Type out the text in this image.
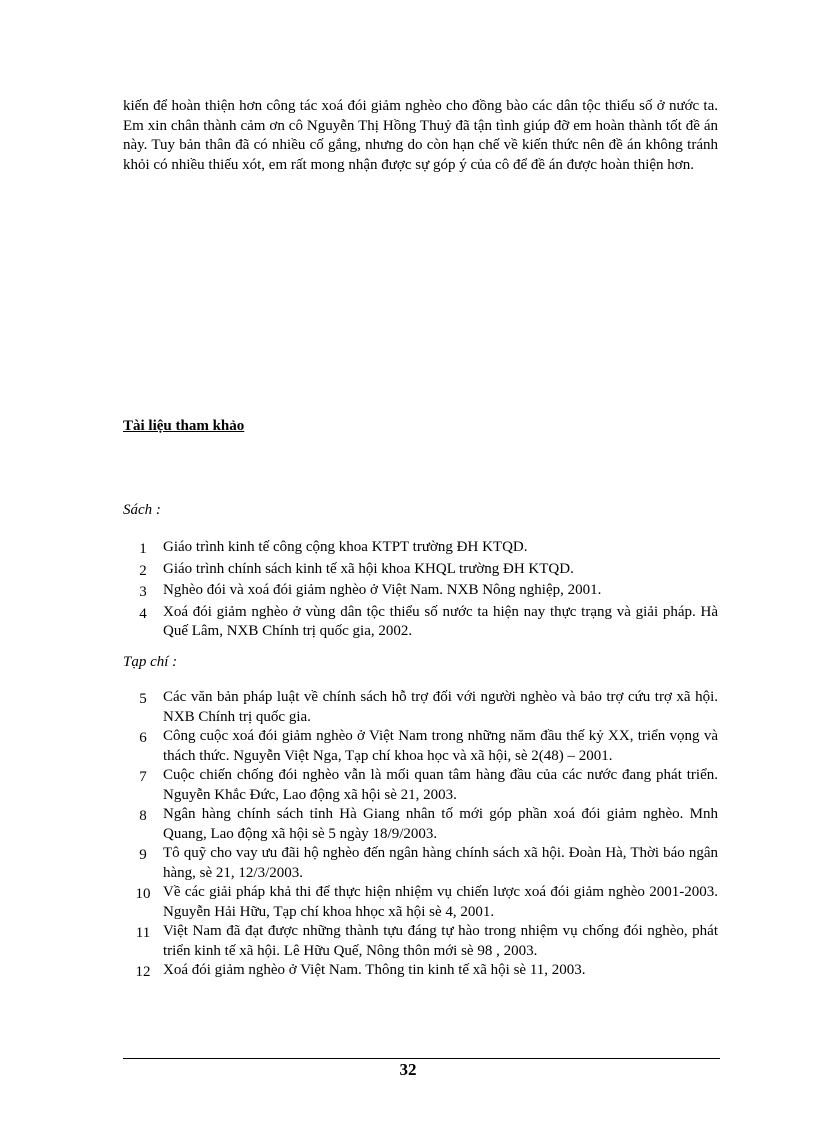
kiến để hoàn thiện hơn công tác xoá đói giảm nghèo cho đồng bào các dân tộc thiểu số ở nước ta. Em xin chân thành cảm ơn cô Nguyễn Thị Hồng Thuỷ đã tận tình giúp đỡ em hoàn thành tốt đề án này. Tuy bản thân đã có nhiều cố gắng, nhưng do còn hạn chế về kiến thức nên đề án không tránh khỏi có nhiều thiếu xót, em rất mong nhận được sự góp ý của cô để đề án được hoàn thiện hơn.

Tài liệu tham khảo

Sách :

1	Giáo trình kinh tế công cộng khoa KTPT trường ĐH KTQD.
2	Giáo trình chính sách kinh tế xã hội khoa KHQL trường ĐH KTQD.
3	Nghèo đói và xoá đói giảm nghèo ở Việt Nam. NXB Nông nghiệp, 2001.
4	Xoá đói giảm nghèo ở vùng dân tộc thiểu số nước ta hiện nay thực trạng và giải pháp. Hà Quế Lâm, NXB Chính trị quốc gia, 2002.

Tạp chí :

5	Các văn bản pháp luật về chính sách hỗ trợ đối với người nghèo và bảo trợ cứu trợ xã hội. NXB Chính trị quốc gia.
6	Công cuộc xoá đói giảm nghèo ở Việt Nam trong những năm đầu thế kỷ XX, triển vọng và thách thức. Nguyễn Việt Nga, Tạp chí khoa học và xã hội, sè 2(48) – 2001.
7	Cuộc chiến chống đói nghèo vẫn là mối quan tâm hàng đầu của các nước đang phát triển. Nguyễn Khắc Đức, Lao động xã hội sè 21, 2003.
8	Ngân hàng chính sách tỉnh Hà Giang nhân tố mới góp phần xoá đói giảm nghèo. Mnh Quang, Lao động xã hội sè 5 ngày 18/9/2003.
9	Tô quỹ cho vay ưu đãi hộ nghèo đến ngân hàng chính sách xã hội. Đoàn Hà, Thời báo ngân hàng, sè 21, 12/3/2003.
10 Về các giải pháp khả thi để thực hiện nhiệm vụ chiến lược xoá đói giảm nghèo 2001-2003. Nguyễn Hải Hữu, Tạp chí khoa hhọc xã hội sè 4, 2001.
11 Việt Nam đã đạt được những thành tựu đáng tự hào trong nhiệm vụ chống đói nghèo, phát triển kinh tế xã hội. Lê Hữu Quế, Nông thôn mới sè 98 , 2003.
12 Xoá đói giảm nghèo ở Việt Nam. Thông tin kinh tế xã hội sè 11, 2003.
32
